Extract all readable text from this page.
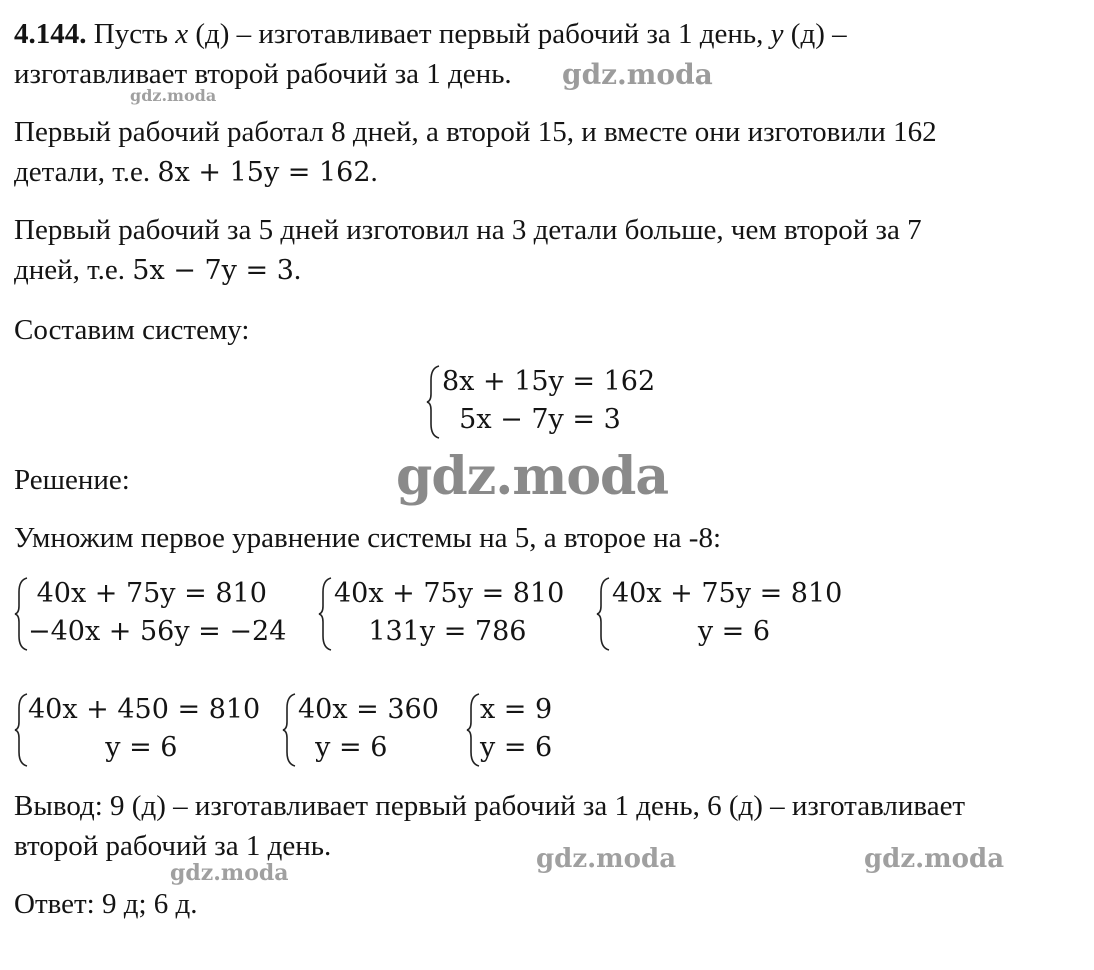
4.144. Пусть x (д) – изготавливает первый рабочий за 1 день, y (д) –
изготавливает второй рабочий за 1 день.
Первый рабочий работал 8 дней, а второй 15, и вместе они изготовили 162
детали, т.е. 8x + 15y = 162.
Первый рабочий за 5 дней изготовил на 3 детали больше, чем второй за 7
дней, т.е. 5x − 7y = 3.
Составим систему:
8x + 15y = 162
5x − 7y = 3
Решение:
Умножим первое уравнение системы на 5, а второе на -8:
40x + 75y = 810
−40x + 56y = −24
40x + 75y = 810
131y = 786
40x + 75y = 810
y = 6
40x + 450 = 810
y = 6
40x = 360
y = 6
x = 9
y = 6
Вывод: 9 (д) – изготавливает первый рабочий за 1 день, 6 (д) – изготавливает
второй рабочий за 1 день.
Ответ: 9 д; 6 д.
gdz.moda
gdz.moda
gdz.moda
gdz.moda	gdz.moda	gdz.moda
